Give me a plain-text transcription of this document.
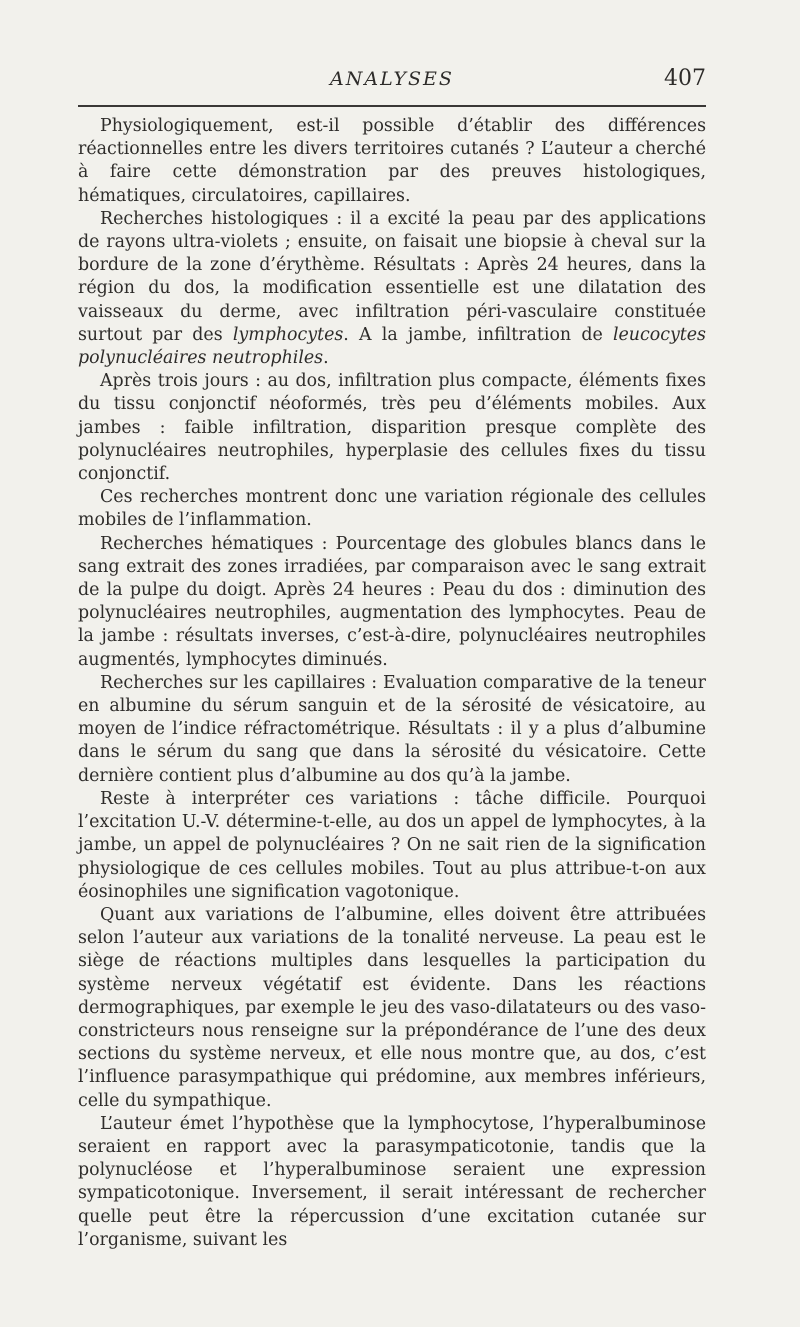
ANALYSES	407

Physiologiquement, est-il possible d’établir des différences réactionnelles entre les divers territoires cutanés ? L’auteur a cherché à faire cette démonstration par des preuves histologiques, hématiques, circulatoires, capillaires.

Recherches histologiques : il a excité la peau par des applications de rayons ultra-violets ; ensuite, on faisait une biopsie à cheval sur la bordure de la zone d’érythème. Résultats : Après 24 heures, dans la région du dos, la modification essentielle est une dilatation des vaisseaux du derme, avec infiltration péri-vasculaire constituée surtout par des lymphocytes. A la jambe, infiltration de leucocytes polynucléaires neutrophiles.

Après trois jours : au dos, infiltration plus compacte, éléments fixes du tissu conjonctif néoformés, très peu d’éléments mobiles. Aux jambes : faible infiltration, disparition presque complète des polynucléaires neutrophiles, hyperplasie des cellules fixes du tissu conjonctif.

Ces recherches montrent donc une variation régionale des cellules mobiles de l’inflammation.

Recherches hématiques : Pourcentage des globules blancs dans le sang extrait des zones irradiées, par comparaison avec le sang extrait de la pulpe du doigt. Après 24 heures : Peau du dos : diminution des polynucléaires neutrophiles, augmentation des lymphocytes. Peau de la jambe : résultats inverses, c’est-à-dire, polynucléaires neutrophiles augmentés, lymphocytes diminués.

Recherches sur les capillaires : Evaluation comparative de la teneur en albumine du sérum sanguin et de la sérosité de vésicatoire, au moyen de l’indice réfractométrique. Résultats : il y a plus d’albumine dans le sérum du sang que dans la sérosité du vésicatoire. Cette dernière contient plus d’albumine au dos qu’à la jambe.

Reste à interpréter ces variations : tâche difficile. Pourquoi l’excitation U.-V. détermine-t-elle, au dos un appel de lymphocytes, à la jambe, un appel de polynucléaires ? On ne sait rien de la signification physiologique de ces cellules mobiles. Tout au plus attribue-t-on aux éosinophiles une signification vagotonique.

Quant aux variations de l’albumine, elles doivent être attribuées selon l’auteur aux variations de la tonalité nerveuse. La peau est le siège de réactions multiples dans lesquelles la participation du système nerveux végétatif est évidente. Dans les réactions dermographiques, par exemple le jeu des vaso-dilatateurs ou des vaso-constricteurs nous renseigne sur la prépondérance de l’une des deux sections du système nerveux, et elle nous montre que, au dos, c’est l’influence parasympathique qui prédomine, aux membres inférieurs, celle du sympathique.

L’auteur émet l’hypothèse que la lymphocytose, l’hyperalbuminose seraient en rapport avec la parasympaticotonie, tandis que la polynucléose et l’hyperalbuminose seraient une expression sympaticotonique. Inversement, il serait intéressant de rechercher quelle peut être la répercussion d’une excitation cutanée sur l’organisme, suivant les
